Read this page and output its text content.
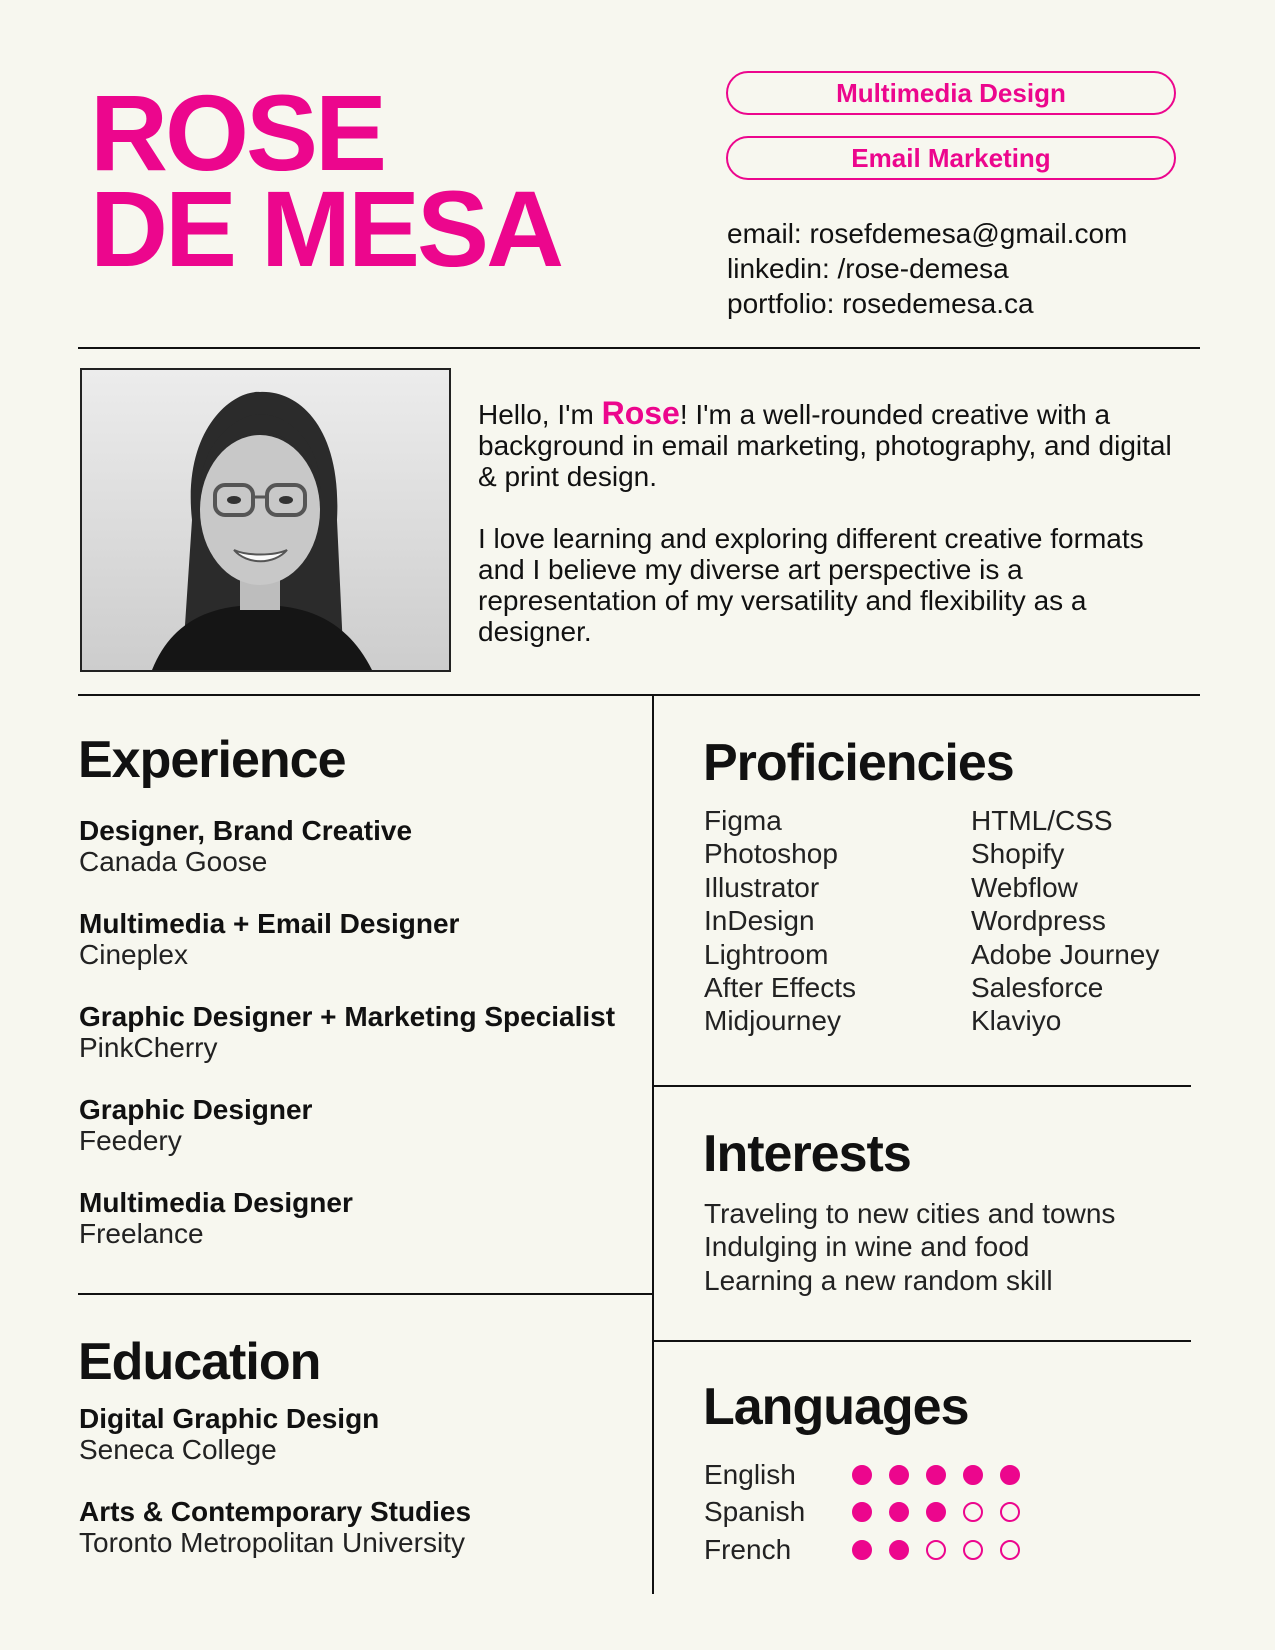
ROSE
DE MESA
Multimedia Design
Email Marketing
email: rosefdemesa@gmail.com
linkedin: /rose-demesa
portfolio: rosedemesa.ca

Hello, I'm Rose! I'm a well-rounded creative with a background in email marketing, photography, and digital & print design.

I love learning and exploring different creative formats and I believe my diverse art perspective is a representation of my versatility and flexibility as a designer.

Experience
Designer, Brand Creative
Canada Goose
Multimedia + Email Designer
Cineplex
Graphic Designer + Marketing Specialist
PinkCherry
Graphic Designer
Feedery
Multimedia Designer
Freelance
Education
Digital Graphic Design
Seneca College
Arts & Contemporary Studies
Toronto Metropolitan University
Proficiencies
Figma
Photoshop
Illustrator
InDesign
Lightroom
After Effects
Midjourney
HTML/CSS
Shopify
Webflow
Wordpress
Adobe Journey
Salesforce
Klaviyo
Interests
Traveling to new cities and towns
Indulging in wine and food
Learning a new random skill
Languages
English
Spanish
French
